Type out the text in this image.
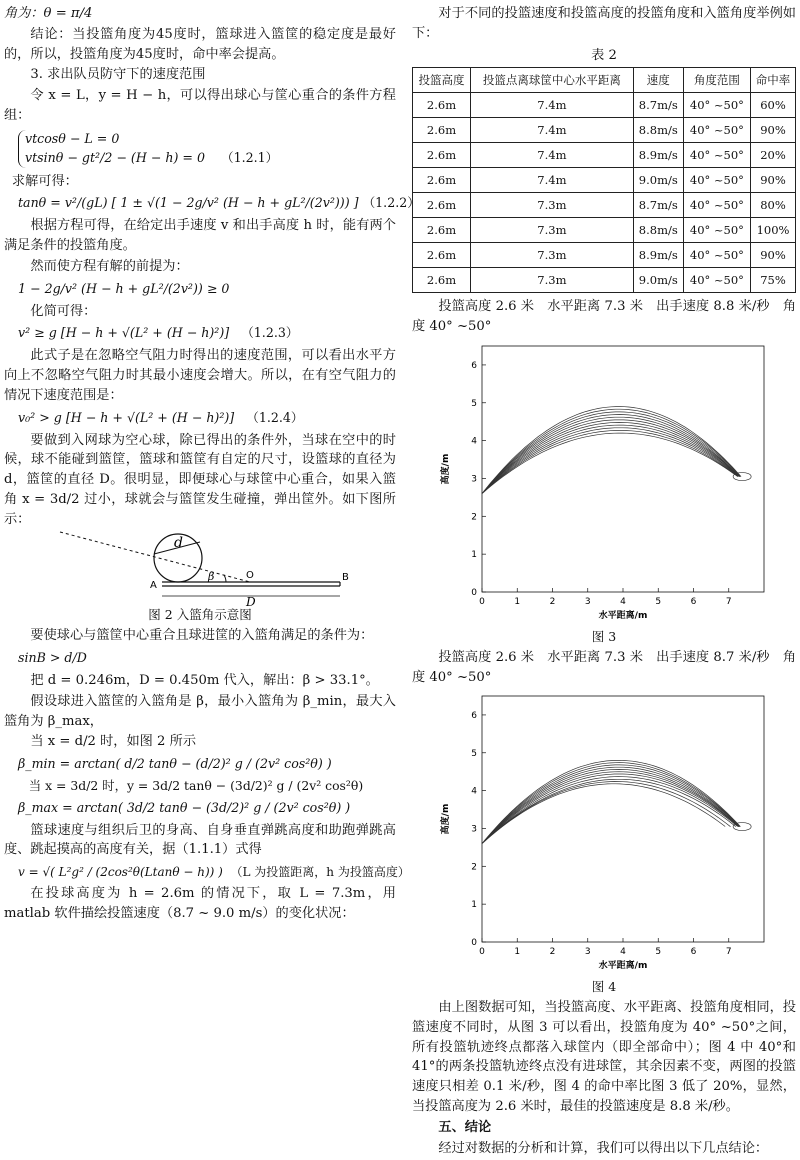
角为：θ = π/4

结论：当投篮角度为45度时，篮球进入篮筐的稳定度是最好的，所以，投篮角度为45度时，命中率会提高。

3. 求出队员防守下的速度范围

令 x = L，y = H − h，可以得出球心与筐心重合的条件方程组：

vtcosθ − L = 0
vtsinθ − gt²/2 − (H − h) = 0 （1.2.1）

求解可得：

tanθ = v²/(gL) [ 1 ± √(1 − 2g/v² (H − h + gL²/(2v²))) ] （1.2.2）

根据方程可得，在给定出手速度 v 和出手高度 h 时，能有两个满足条件的投篮角度。

然而使方程有解的前提为：

1 − 2g/v² (H − h + gL²/(2v²)) ≥ 0

化简可得：

v² ≥ g [H − h + √(L² + (H − h)²)] （1.2.3）

此式子是在忽略空气阻力时得出的速度范围，可以看出水平方向上不忽略空气阻力时其最小速度会增大。所以，在有空气阻力的情况下速度范围是：

v₀² > g [H − h + √(L² + (H − h)²)] （1.2.4）

要做到入网球为空心球，除已得出的条件外，当球在空中的时候，球不能碰到篮筐，篮球和篮筐有自定的尺寸，设篮球的直径为 d，篮筐的直径 D。很明显，即便球心与球筐中心重合，如果入篮角 x = 3d/2 过小，球就会与篮筐发生碰撞，弹出筐外。如下图所示：

d
A
β	O	B
D

图 2 入篮角示意图

要使球心与篮筐中心重合且球进筐的入篮角满足的条件为：

sinB > d/D

把 d = 0.246m，D = 0.450m 代入，解出：β > 33.1°。

假设球进入篮筐的入篮角是 β，最小入篮角为 β_min，最大入篮角为 β_max，

当 x = d/2 时，如图 2 所示

β_min = arctan( d/2 tanθ − (d/2)² g / (2v² cos²θ) )

当 x = 3d/2 时，y = 3d/2 tanθ − (3d/2)² g / (2v² cos²θ)

β_max = arctan( 3d/2 tanθ − (3d/2)² g / (2v² cos²θ) )

篮球速度与组织后卫的身高、自身垂直弹跳高度和助跑弹跳高度、跳起摸高的高度有关，据（1.1.1）式得

v = √( L²g² / (2cos²θ(Ltanθ − h)) ) （L 为投篮距离，h 为投篮高度）

在投球高度为 h = 2.6m 的情况下，取 L = 7.3m，用 matlab 软件描绘投篮速度（8.7 ~ 9.0 m/s）的变化状况：

对于不同的投篮速度和投篮高度的投篮角度和入篮角度举例如下：

表 2

投篮高度	投篮点离球筐中心水平距离	速度	角度范围	命中率
2.6m	7.4m	8.7m/s	40° ~50°	60%
2.6m	7.4m	8.8m/s	40° ~50°	90%
2.6m	7.4m	8.9m/s	40° ~50°	20%
2.6m	7.4m	9.0m/s	40° ~50°	90%
2.6m	7.3m	8.7m/s	40° ~50°	80%
2.6m	7.3m	8.8m/s	40° ~50°	100%
2.6m	7.3m	8.9m/s	40° ~50°	90%
2.6m	7.3m	9.0m/s	40° ~50°	75%

投篮高度 2.6 米　水平距离 7.3 米　出手速度 8.8 米/秒　角度 40° ~50°

0	1	2	3	4	5	6	7
0
1
2
3
4
5
6
水平距离/m
高度/m

图 3

投篮高度 2.6 米　水平距离 7.3 米　出手速度 8.7 米/秒　角度 40° ~50°

0	1	2	3	4	5	6	7
0
1
2
3
4
5
6
水平距离/m
高度/m

图 4

由上图数据可知，当投篮高度、水平距离、投篮角度相同，投篮速度不同时，从图 3 可以看出，投篮角度为 40° ~50°之间，所有投篮轨迹终点都落入球筐内（即全部命中）；图 4 中 40°和 41°的两条投篮轨迹终点没有进球筐，其余因素不变，两图的投篮速度只相差 0.1 米/秒，图 4 的命中率比图 3 低了 20%，显然，当投篮高度为 2.6 米时，最佳的投篮速度是 8.8 米/秒。

五、结论

经过对数据的分析和计算，我们可以得出以下几点结论：
